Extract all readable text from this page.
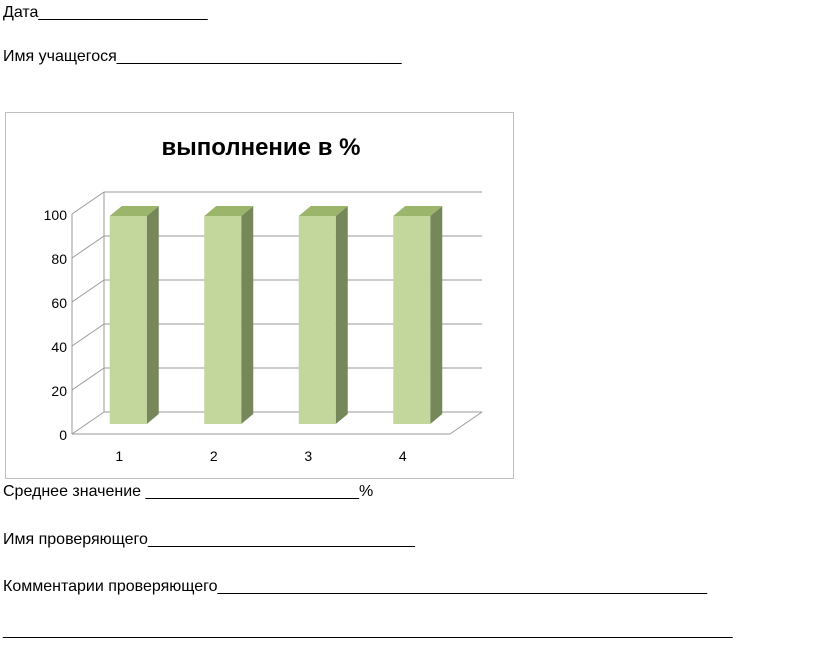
Дата___________________
Имя учащегося________________________________
выполнение в %
0
20
40
60
80
100
1	2	3	4
Среднее значение ________________________%
Имя проверяющего______________________________
Комментарии проверяющего_______________________________________________________
__________________________________________________________________________________
